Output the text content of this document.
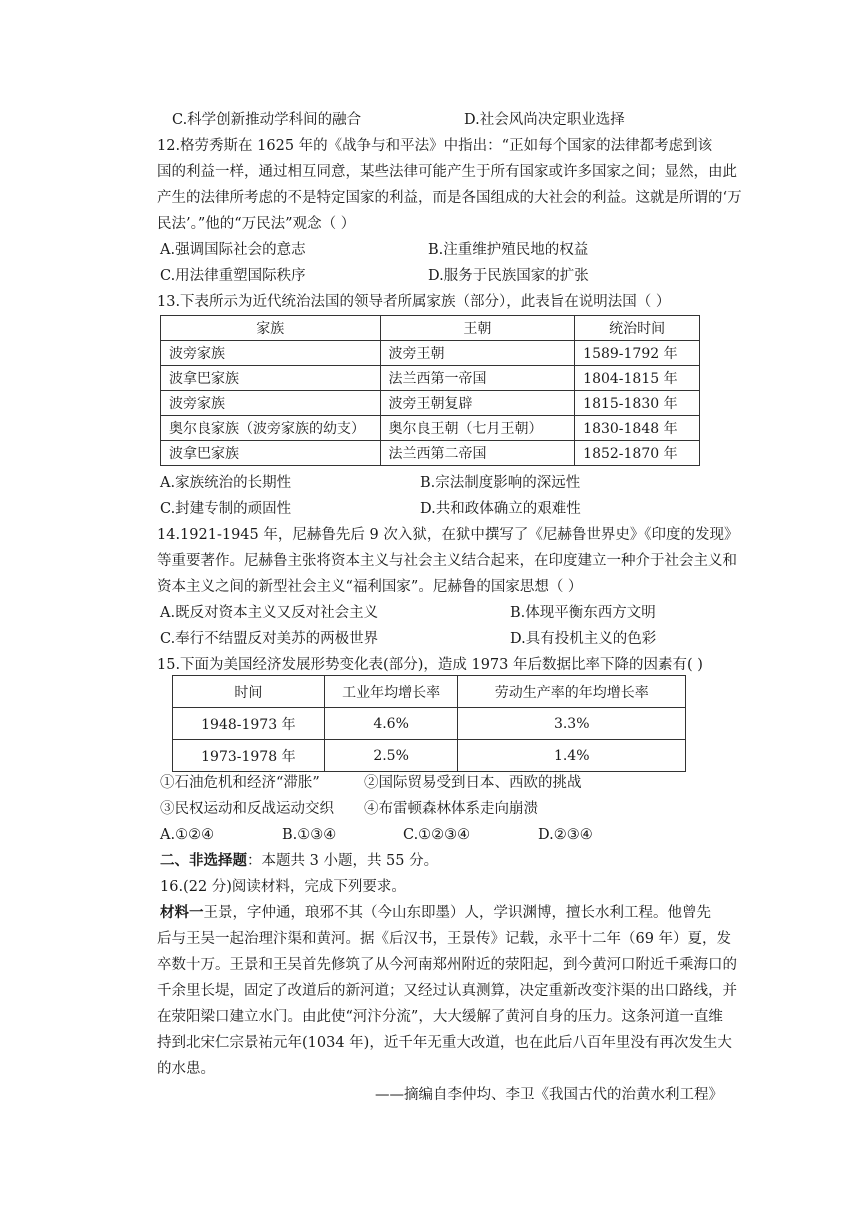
C.科学创新推动学科间的融合	D.社会风尚决定职业选择
12.格劳秀斯在 1625 年的《战争与和平法》中指出：“正如每个国家的法律都考虑到该
国的利益一样，通过相互同意，某些法律可能产生于所有国家或许多国家之间；显然，由此
产生的法律所考虑的不是特定国家的利益，而是各国组成的大社会的利益。这就是所谓的‘万
民法’。”他的“万民法”观念（ ）
A.强调国际社会的意志	B.注重维护殖民地的权益
C.用法律重塑国际秩序	D.服务于民族国家的扩张
13.下表所示为近代统治法国的领导者所属家族（部分），此表旨在说明法国（ ）
家族	王朝	统治时间
波旁家族	波旁王朝	1589-1792 年
波拿巴家族	法兰西第一帝国	1804-1815 年
波旁家族	波旁王朝复辟	1815-1830 年
奥尔良家族（波旁家族的幼支）	奥尔良王朝（七月王朝）	1830-1848 年
波拿巴家族	法兰西第二帝国	1852-1870 年
A.家族统治的长期性	B.宗法制度影响的深远性
C.封建专制的顽固性	D.共和政体确立的艰难性
14.1921-1945 年，尼赫鲁先后 9 次入狱，在狱中撰写了《尼赫鲁世界史》《印度的发现》
等重要著作。尼赫鲁主张将资本主义与社会主义结合起来，在印度建立一种介于社会主义和
资本主义之间的新型社会主义“福利国家”。尼赫鲁的国家思想（ ）
A.既反对资本主义又反对社会主义	B.体现平衡东西方文明
C.奉行不结盟反对美苏的两极世界	D.具有投机主义的色彩
15.下面为美国经济发展形势变化表(部分)，造成 1973 年后数据比率下降的因素有( )
时间	工业年均增长率	劳动生产率的年均增长率
1948-1973 年	4.6%	3.3%
1973-1978 年	2.5%	1.4%
①石油危机和经济“滞胀”	②国际贸易受到日本、西欧的挑战
③民权运动和反战运动交织 ④布雷顿森林体系走向崩溃
A.①②④	B.①③④	C.①②③④	D.②③④
二、非选择题：本题共 3 小题，共 55 分。
16.(22 分)阅读材料，完成下列要求。
材料一王景，字仲通，琅邪不其（今山东即墨）人，学识渊博，擅长水利工程。他曾先
后与王吴一起治理汴渠和黄河。据《后汉书，王景传》记载，永平十二年（69 年）夏，发
卒数十万。王景和王吴首先修筑了从今河南郑州附近的荥阳起，到今黄河口附近千乘海口的
千余里长堤，固定了改道后的新河道；又经过认真测算，决定重新改变汴渠的出口路线，并
在荥阳梁口建立水门。由此使“河汴分流”，大大缓解了黄河自身的压力。这条河道一直维
持到北宋仁宗景祐元年(1034 年)，近千年无重大改道，也在此后八百年里没有再次发生大
的水患。
——摘编自李仲均、李卫《我国古代的治黄水利工程》
